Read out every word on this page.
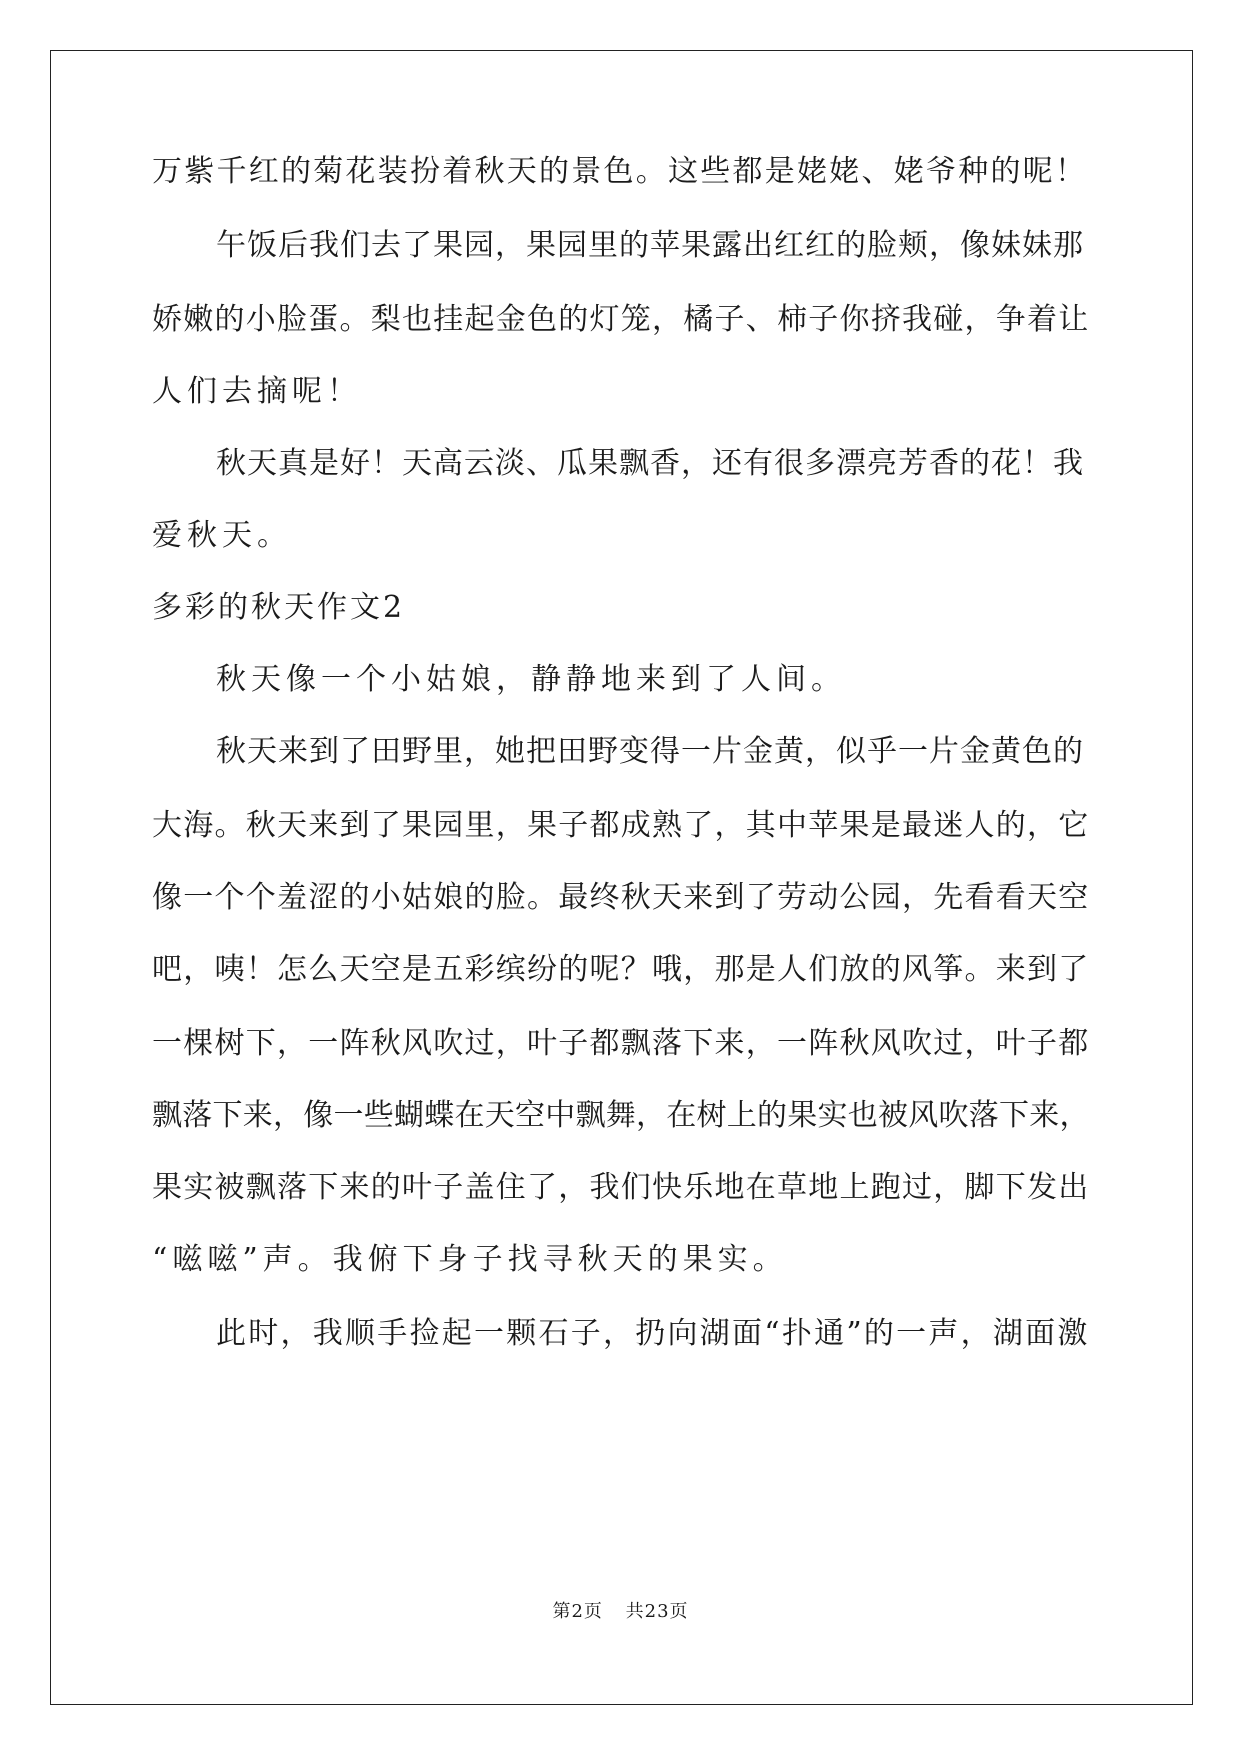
万紫千红的菊花装扮着秋天的景色。这些都是姥姥、姥爷种的呢！
午饭后我们去了果园，果园里的苹果露出红红的脸颊，像妹妹那
娇嫩的小脸蛋。梨也挂起金色的灯笼，橘子、柿子你挤我碰，争着让
人们去摘呢！
秋天真是好！天高云淡、瓜果飘香，还有很多漂亮芳香的花！我
爱秋天。
多彩的秋天作文2
秋天像一个小姑娘，静静地来到了人间。
秋天来到了田野里，她把田野变得一片金黄，似乎一片金黄色的
大海。秋天来到了果园里，果子都成熟了，其中苹果是最迷人的，它
像一个个羞涩的小姑娘的脸。最终秋天来到了劳动公园，先看看天空
吧，咦！怎么天空是五彩缤纷的呢？哦，那是人们放的风筝。来到了
一棵树下，一阵秋风吹过，叶子都飘落下来，一阵秋风吹过，叶子都
飘落下来，像一些蝴蝶在天空中飘舞，在树上的果实也被风吹落下来，
果实被飘落下来的叶子盖住了，我们快乐地在草地上跑过，脚下发出
“嗞嗞”声。我俯下身子找寻秋天的果实。
此时，我顺手捡起一颗石子，扔向湖面“扑通”的一声，湖面激
第2页 共23页
